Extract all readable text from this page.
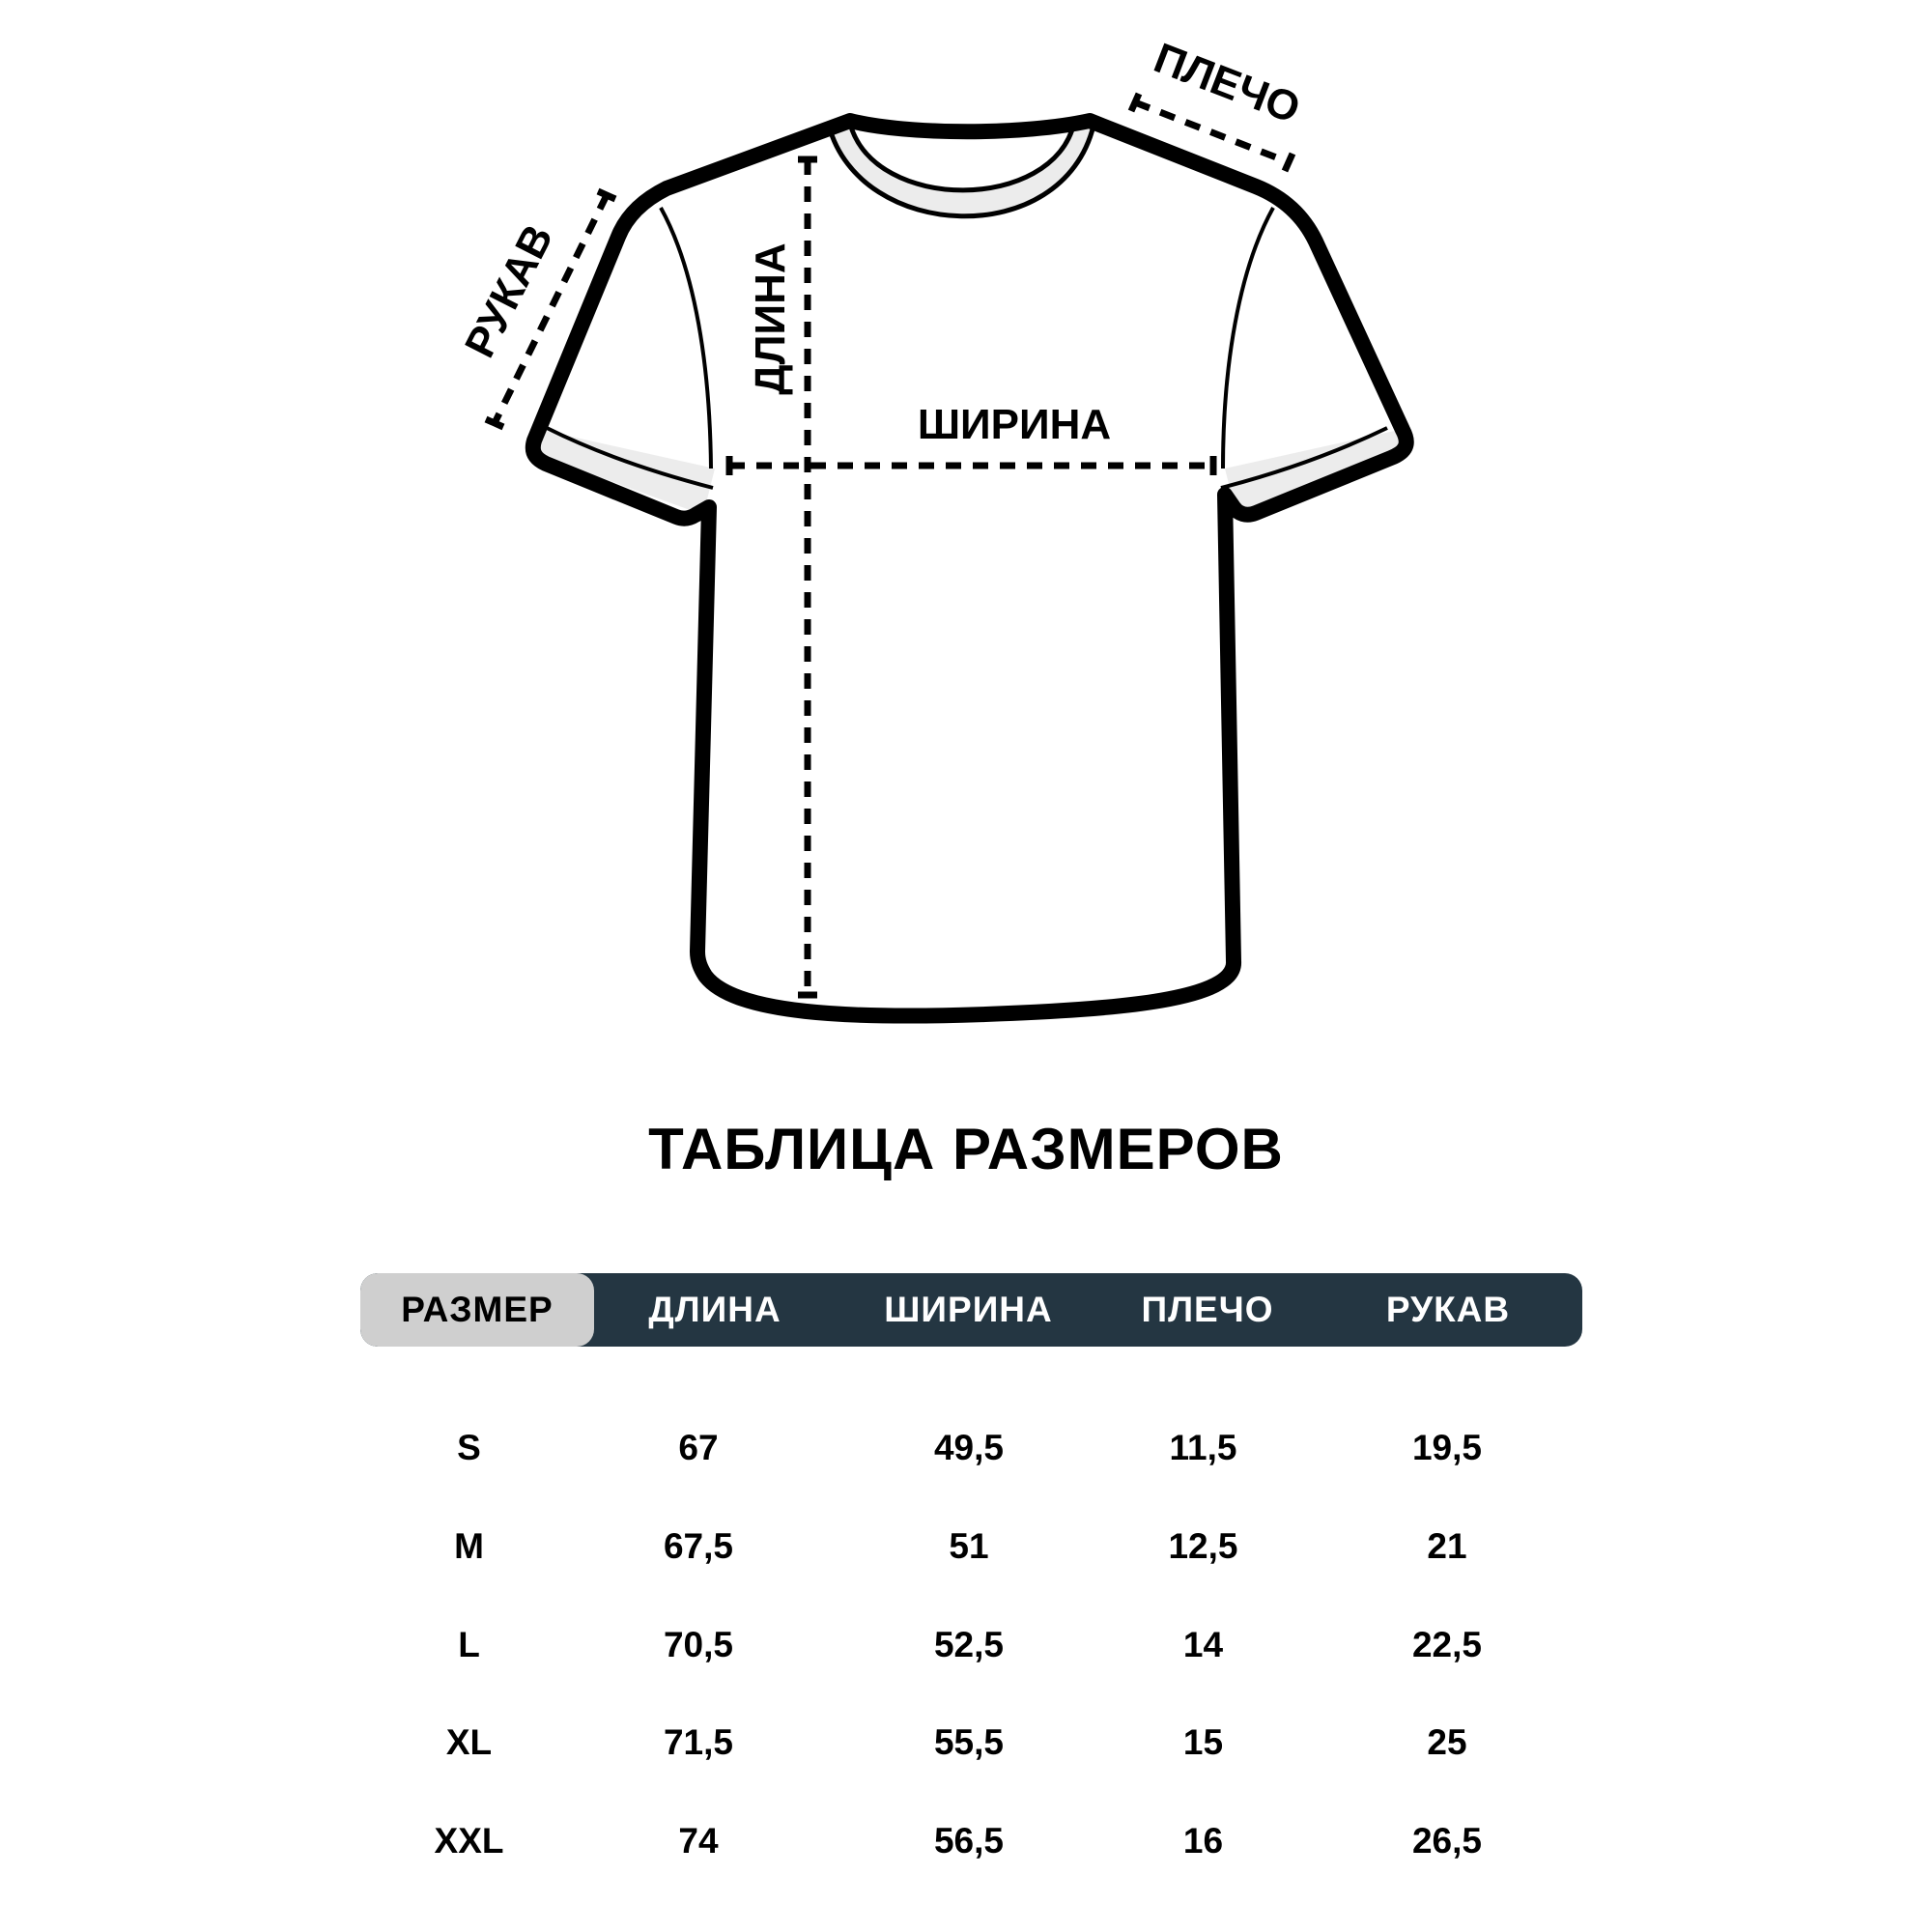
ПЛЕЧО
РУКАВ	ДЛИНА
ШИРИНА
ТАБЛИЦА РАЗМЕРОВ
РАЗМЕР	ДЛИНА	ШИРИНА	ПЛЕЧО	РУКАВ
S	67	49,5	11,5	19,5
M	67,5	51	12,5	21
L	70,5	52,5	14	22,5
XL	71,5	55,5	15	25
XXL	74	56,5	16	26,5
